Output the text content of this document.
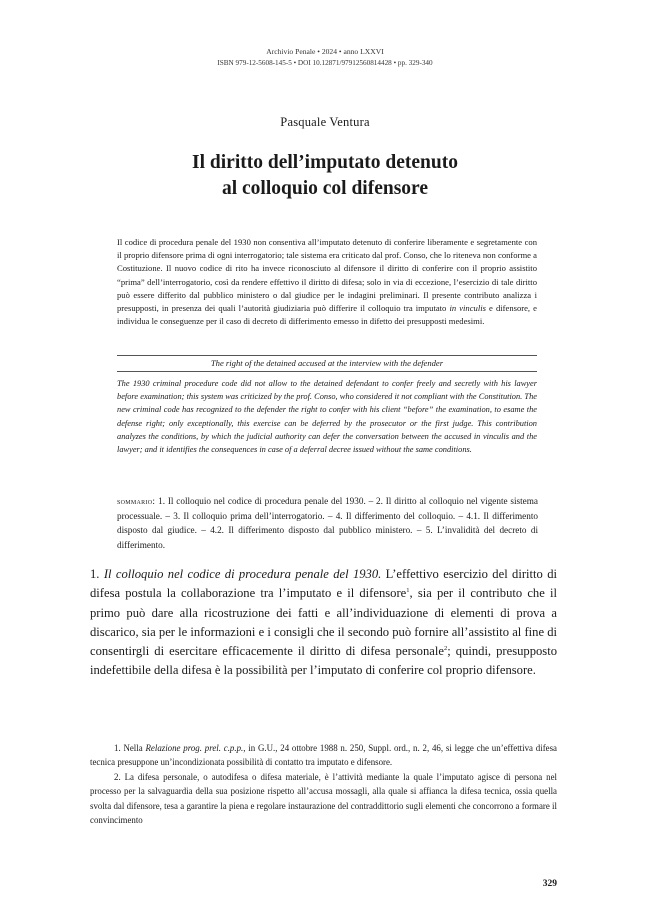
Archivio Penale • 2024 • anno LXXVI
ISBN 979-12-5608-145-5 • DOI 10.12871/97912560814428 • pp. 329-340
Pasquale Ventura
Il diritto dell’imputato detenuto
al colloquio col difensore
Il codice di procedura penale del 1930 non consentiva all’imputato detenuto di conferire liberamente e segretamente con il proprio difensore prima di ogni interrogatorio; tale sistema era criticato dal prof. Conso, che lo riteneva non conforme a Costituzione. Il nuovo codice di rito ha invece riconosciuto al difensore il diritto di conferire con il proprio assistito “prima” dell’interrogatorio, così da rendere effettivo il diritto di difesa; solo in via di eccezione, l’esercizio di tale diritto può essere differito dal pubblico ministero o dal giudice per le indagini preliminari. Il presente contributo analizza i presupposti, in presenza dei quali l’autorità giudiziaria può differire il colloquio tra imputato in vinculis e difensore, e individua le conseguenze per il caso di decreto di differimento emesso in difetto dei presupposti medesimi.
The right of the detained accused at the interview with the defender
The 1930 criminal procedure code did not allow to the detained defendant to confer freely and secretly with his lawyer before examination; this system was criticized by the prof. Conso, who considered it not compliant with the Constitution. The new criminal code has recognized to the defender the right to confer with his client “before” the examination, to esame the defense right; only exceptionally, this exercise can be deferred by the prosecutor or the first judge. This contribution analyzes the conditions, by which the judicial authority can defer the conversation between the accused in vinculis and the lawyer; and it identifies the consequences in case of a deferral decree issued without the same conditions.
sommario: 1. Il colloquio nel codice di procedura penale del 1930. – 2. Il diritto al colloquio nel vigente sistema processuale. – 3. Il colloquio prima dell’interrogatorio. – 4. Il differimento del colloquio. – 4.1. Il differimento disposto dal giudice. – 4.2. Il differimento disposto dal pubblico ministero. – 5. L’invalidità del decreto di differimento.
1. Il colloquio nel codice di procedura penale del 1930. L’effettivo esercizio del diritto di difesa postula la collaborazione tra l’imputato e il difensore$^1$, sia per il contributo che il primo può dare alla ricostruzione dei fatti e all’individuazione di elementi di prova a discarico, sia per le informazioni e i consigli che il secondo può fornire all’assistito al fine di consentirgli di esercitare efficacemente il diritto di difesa personale$^2$; quindi, presupposto indefettibile della difesa è la possibilità per l’imputato di conferire col proprio difensore.

1. Nella Relazione prog. prel. c.p.p., in G.U., 24 ottobre 1988 n. 250, Suppl. ord., n. 2, 46, si legge che un’effettiva difesa tecnica presuppone un’incondizionata possibilità di contatto tra imputato e difensore.

2. La difesa personale, o autodifesa o difesa materiale, è l’attività mediante la quale l’imputato agisce di persona nel processo per la salvaguardia della sua posizione rispetto all’accusa mossagli, alla quale si affianca la difesa tecnica, ossia quella svolta dal difensore, tesa a garantire la piena e regolare instaurazione del contraddittorio sugli elementi che concorrono a formare il convincimento

329
